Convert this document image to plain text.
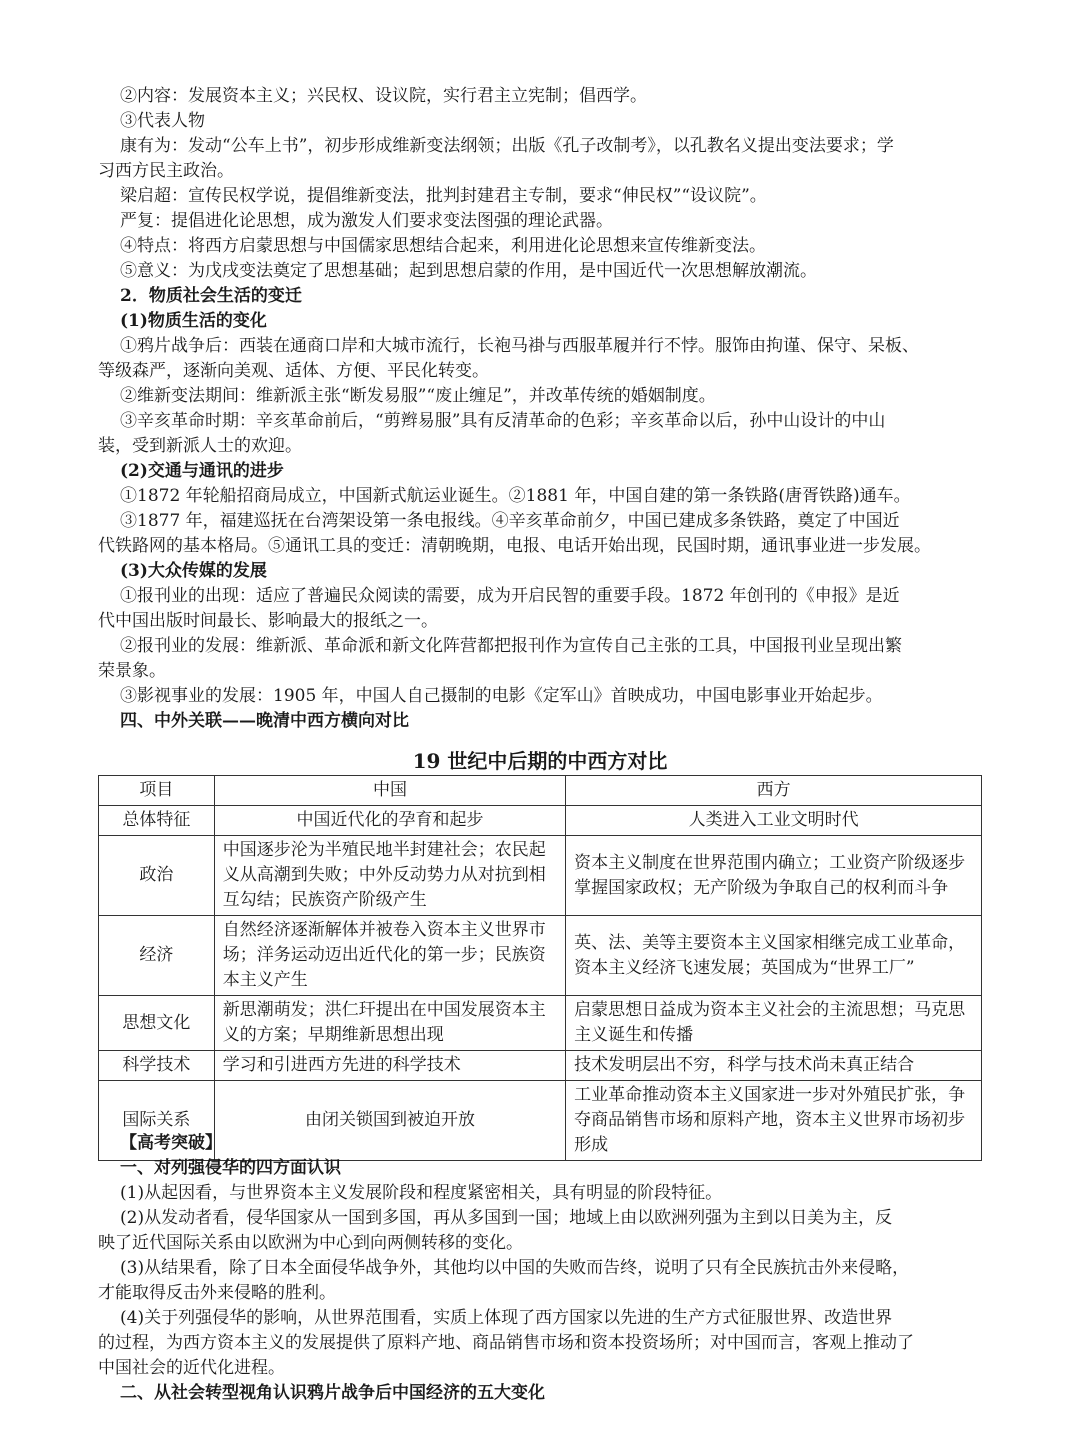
②内容：发展资本主义；兴民权、设议院，实行君主立宪制；倡西学。
③代表人物
康有为：发动“公车上书”，初步形成维新变法纲领；出版《孔子改制考》，以孔教名义提出变法要求；学
习西方民主政治。
梁启超：宣传民权学说，提倡维新变法，批判封建君主专制，要求“伸民权”“设议院”。
严复：提倡进化论思想，成为激发人们要求变法图强的理论武器。
④特点：将西方启蒙思想与中国儒家思想结合起来，利用进化论思想来宣传维新变法。
⑤意义：为戊戌变法奠定了思想基础；起到思想启蒙的作用，是中国近代一次思想解放潮流。
2．物质社会生活的变迁
(1)物质生活的变化
①鸦片战争后：西装在通商口岸和大城市流行，长袍马褂与西服革履并行不悖。服饰由拘谨、保守、呆板、
等级森严，逐渐向美观、适体、方便、平民化转变。
②维新变法期间：维新派主张“断发易服”“废止缠足”，并改革传统的婚姻制度。
③辛亥革命时期：辛亥革命前后，“剪辫易服”具有反清革命的色彩；辛亥革命以后，孙中山设计的中山
装，受到新派人士的欢迎。
(2)交通与通讯的进步
①1872 年轮船招商局成立，中国新式航运业诞生。②1881 年，中国自建的第一条铁路(唐胥铁路)通车。
③1877 年，福建巡抚在台湾架设第一条电报线。④辛亥革命前夕，中国已建成多条铁路，奠定了中国近
代铁路网的基本格局。⑤通讯工具的变迁：清朝晚期，电报、电话开始出现，民国时期，通讯事业进一步发展。
(3)大众传媒的发展
①报刊业的出现：适应了普遍民众阅读的需要，成为开启民智的重要手段。1872 年创刊的《申报》是近
代中国出版时间最长、影响最大的报纸之一。
②报刊业的发展：维新派、革命派和新文化阵营都把报刊作为宣传自己主张的工具，中国报刊业呈现出繁
荣景象。
③影视事业的发展：1905 年，中国人自己摄制的电影《定军山》首映成功，中国电影事业开始起步。
四、中外关联——晚清中西方横向对比
19 世纪中后期的中西方对比
项目	中国	西方
总体特征	中国近代化的孕育和起步	人类进入工业文明时代
政治	中国逐步沦为半殖民地半封建社会；农民起义从高潮到失败；中外反动势力从对抗到相互勾结；民族资产阶级产生	资本主义制度在世界范围内确立；工业资产阶级逐步掌握国家政权；无产阶级为争取自己的权利而斗争
经济	自然经济逐渐解体并被卷入资本主义世界市场；洋务运动迈出近代化的第一步；民族资本主义产生	英、法、美等主要资本主义国家相继完成工业革命，资本主义经济飞速发展；英国成为“世界工厂”
思想文化	新思潮萌发；洪仁玕提出在中国发展资本主义的方案；早期维新思想出现	启蒙思想日益成为资本主义社会的主流思想；马克思主义诞生和传播
科学技术	学习和引进西方先进的科学技术	技术发明层出不穷，科学与技术尚未真正结合
国际关系	由闭关锁国到被迫开放	工业革命推动资本主义国家进一步对外殖民扩张，争夺商品销售市场和原料产地，资本主义世界市场初步形成
【高考突破】
一、对列强侵华的四方面认识
(1)从起因看，与世界资本主义发展阶段和程度紧密相关，具有明显的阶段特征。
(2)从发动者看，侵华国家从一国到多国，再从多国到一国；地域上由以欧洲列强为主到以日美为主，反
映了近代国际关系由以欧洲为中心到向两侧转移的变化。
(3)从结果看，除了日本全面侵华战争外，其他均以中国的失败而告终，说明了只有全民族抗击外来侵略，
才能取得反击外来侵略的胜利。
(4)关于列强侵华的影响，从世界范围看，实质上体现了西方国家以先进的生产方式征服世界、改造世界
的过程，为西方资本主义的发展提供了原料产地、商品销售市场和资本投资场所；对中国而言，客观上推动了
中国社会的近代化进程。
二、从社会转型视角认识鸦片战争后中国经济的五大变化
